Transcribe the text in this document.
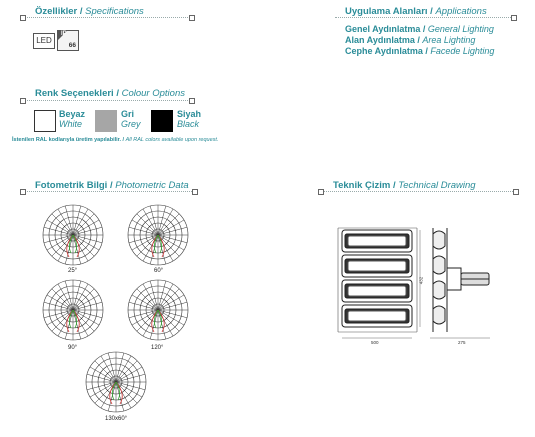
Özellikler / Specifications
LED
IP
66
Uygulama Alanları / Applications
Genel Aydınlatma / General Lighting
Alan Aydınlatma / Area Lighting
Cephe Aydınlatma / Facede Lighting
Renk Seçenekleri / Colour Options
Beyaz
White
Gri
Grey
Siyah
Black
İstenilen RAL kodlarıyla üretim yapılabilir. / All RAL colors available upon request.
Fotometrik Bilgi / Photometric Data
25°	60°
90°	120°
130x60°
Teknik Çizim / Technical Drawing
500
432
275
